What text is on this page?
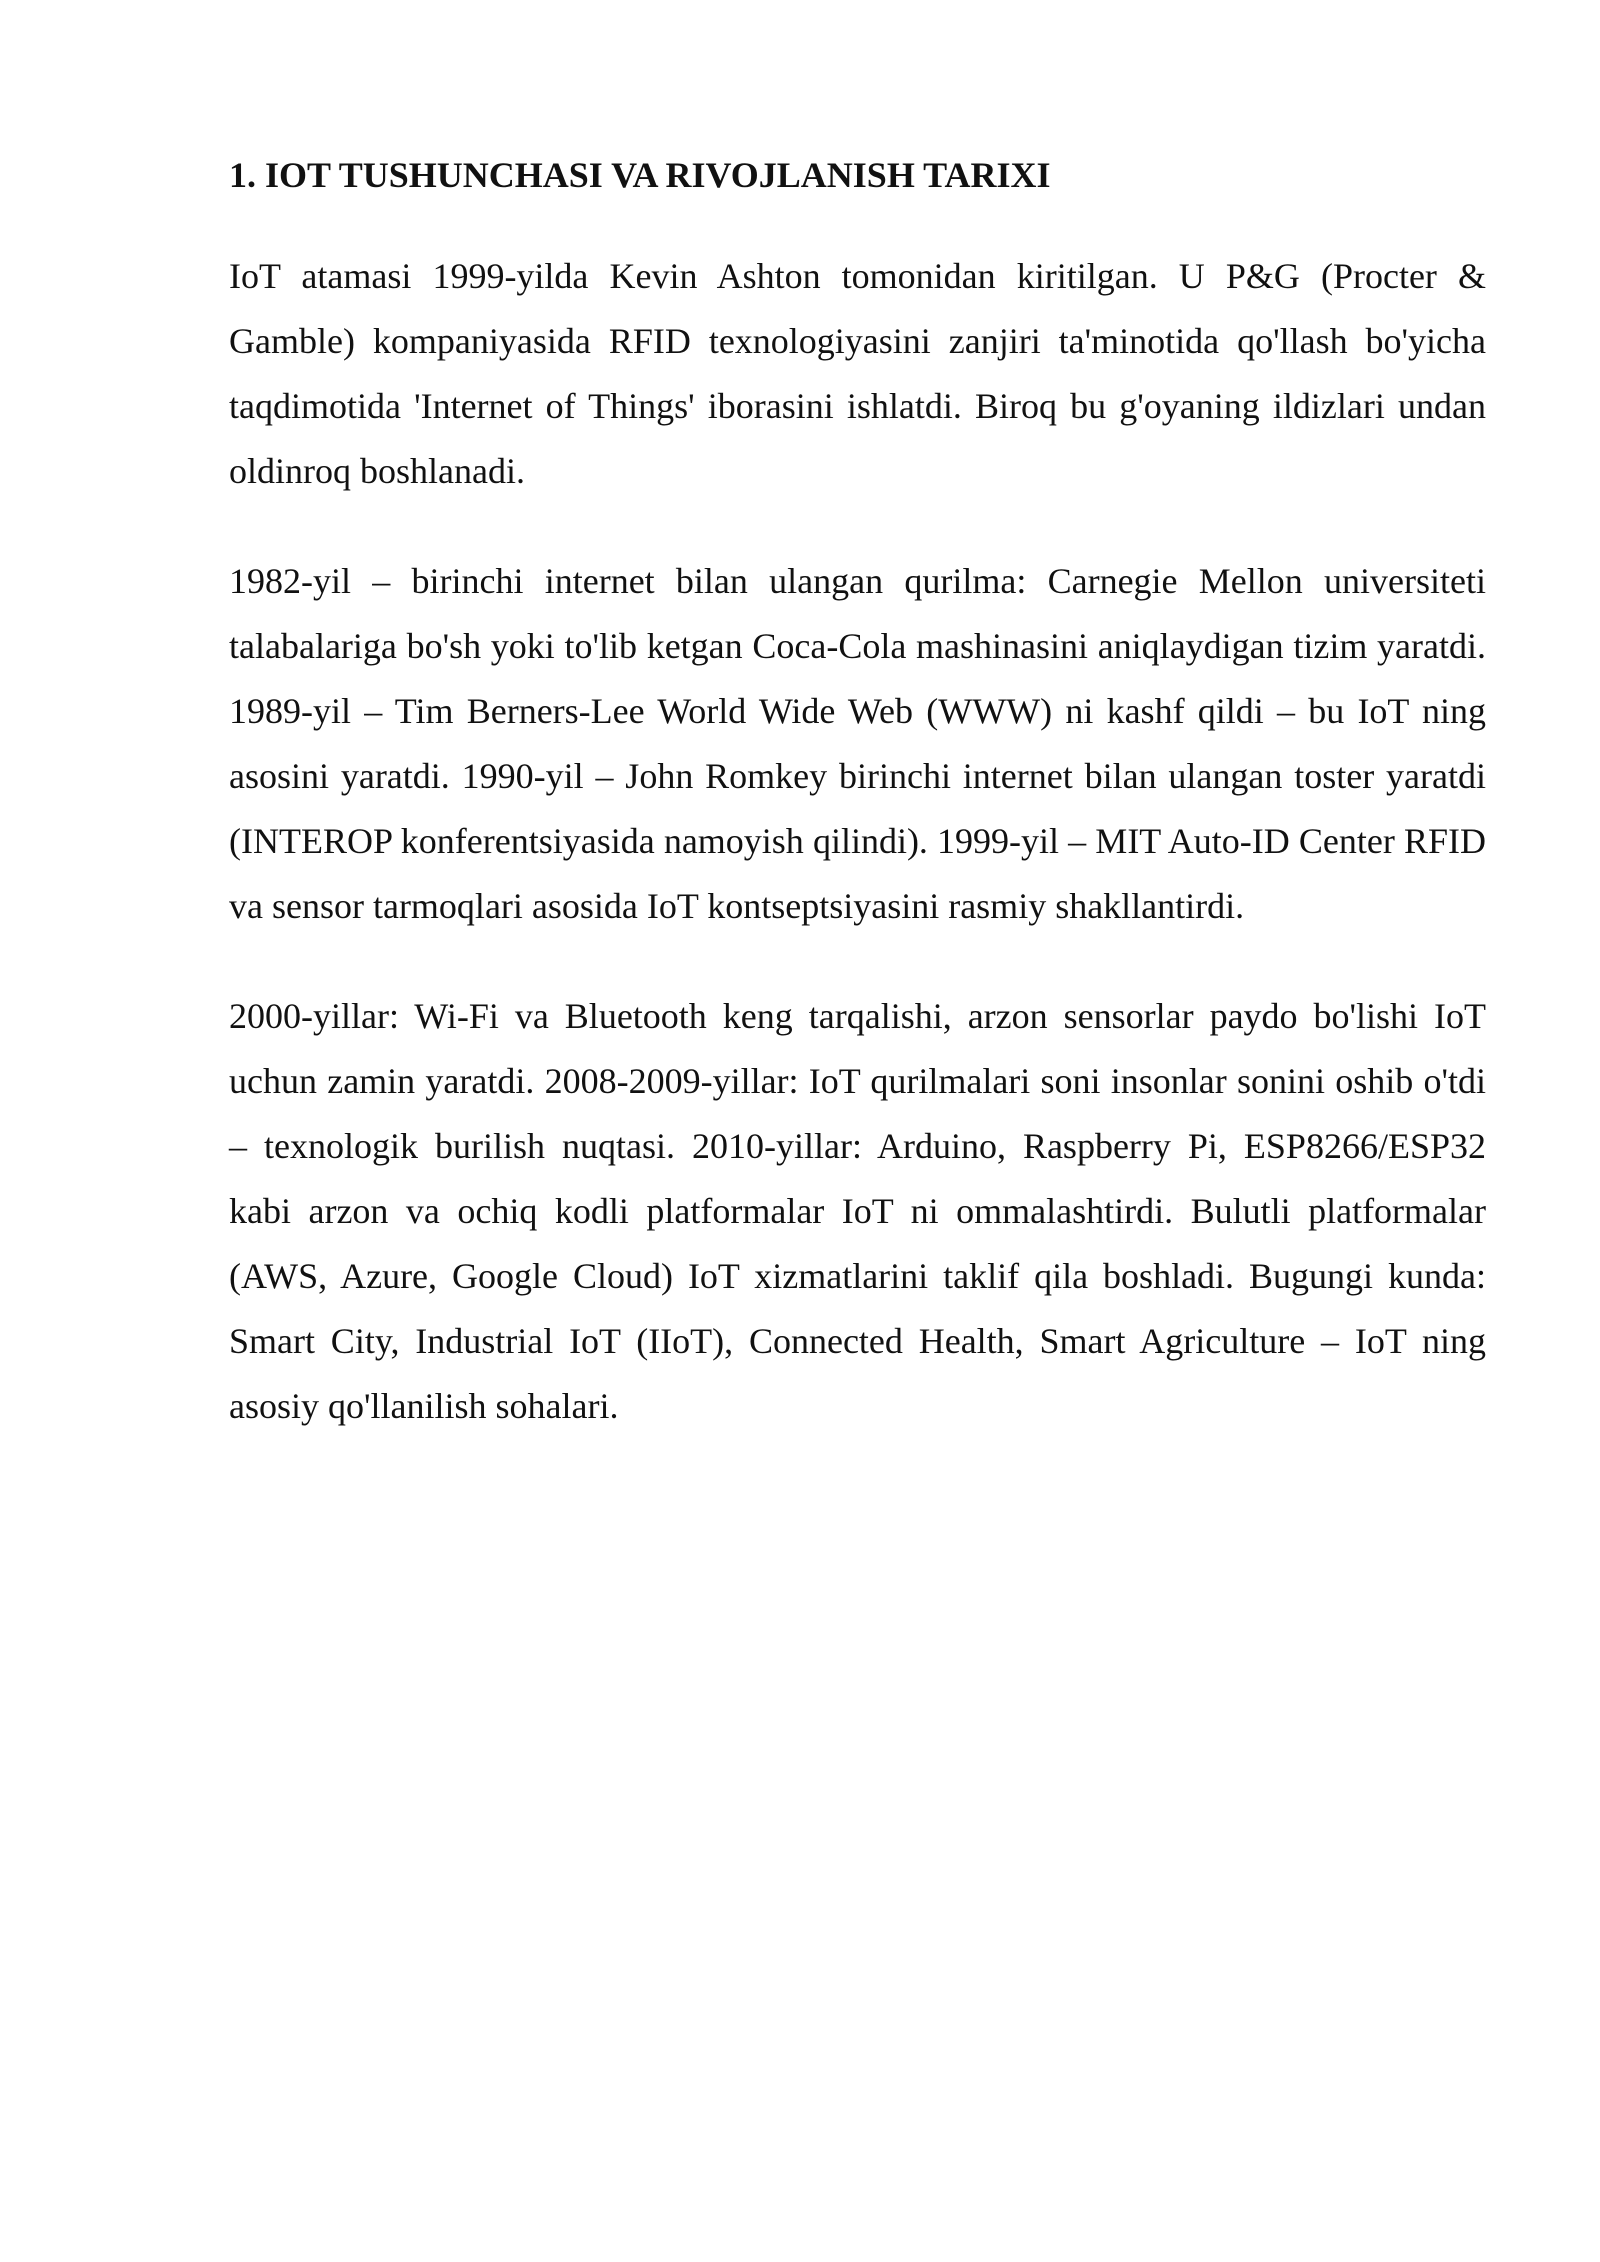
1. IOT TUSHUNCHASI VA RIVOJLANISH TARIXI

IoT atamasi 1999-yilda Kevin Ashton tomonidan kiritilgan. U P&G (Procter & Gamble) kompaniyasida RFID texnologiyasini zanjiri ta'minotida qo'llash bo'yicha taqdimotida 'Internet of Things' iborasini ishlatdi. Biroq bu g'oyaning ildizlari undan oldinroq boshlanadi.

1982-yil – birinchi internet bilan ulangan qurilma: Carnegie Mellon universiteti talabalariga bo'sh yoki to'lib ketgan Coca-Cola mashinasini aniqlaydigan tizim yaratdi. 1989-yil – Tim Berners-Lee World Wide Web (WWW) ni kashf qildi – bu IoT ning asosini yaratdi. 1990-yil – John Romkey birinchi internet bilan ulangan toster yaratdi (INTEROP konferentsiyasida namoyish qilindi). 1999-yil – MIT Auto-ID Center RFID va sensor tarmoqlari asosida IoT kontseptsiyasini rasmiy shakllantirdi.

2000-yillar: Wi-Fi va Bluetooth keng tarqalishi, arzon sensorlar paydo bo'lishi IoT uchun zamin yaratdi. 2008-2009-yillar: IoT qurilmalari soni insonlar sonini oshib o'tdi – texnologik burilish nuqtasi. 2010-yillar: Arduino, Raspberry Pi, ESP8266/ESP32 kabi arzon va ochiq kodli platformalar IoT ni ommalashtirdi. Bulutli platformalar (AWS, Azure, Google Cloud) IoT xizmatlarini taklif qila boshladi. Bugungi kunda: Smart City, Industrial IoT (IIoT), Connected Health, Smart Agriculture – IoT ning asosiy qo'llanilish sohalari.
